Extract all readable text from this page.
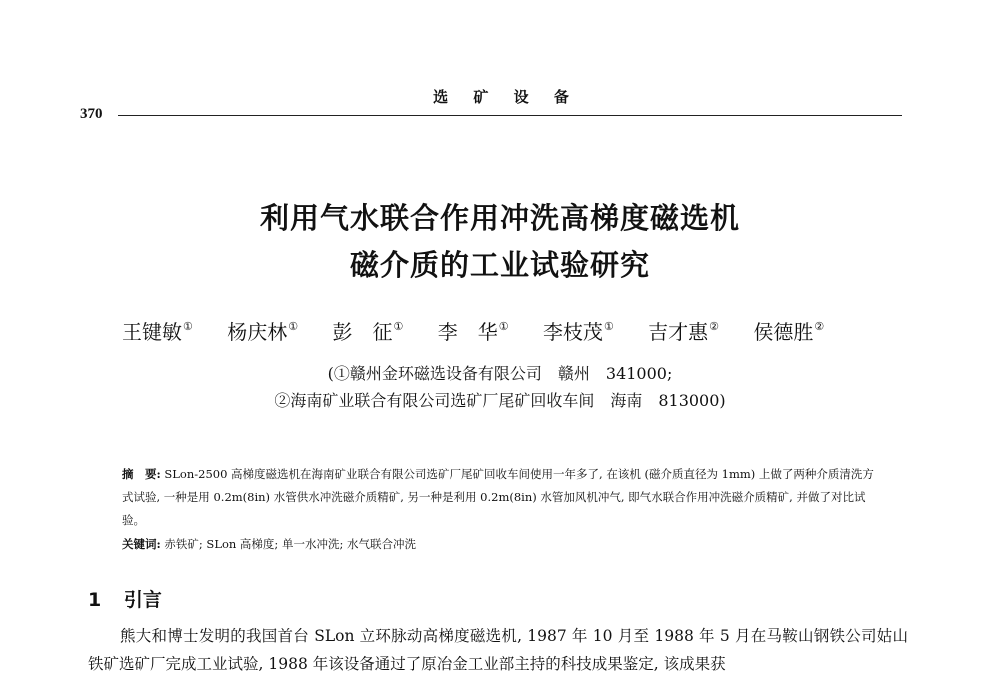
选 矿 设 备
370
利用气水联合作用冲洗高梯度磁选机
磁介质的工业试验研究
王键敏① 杨庆林① 彭　征① 李　华① 李枝茂① 吉才惠② 侯德胜②
(①赣州金环磁选设备有限公司　赣州　341000;
②海南矿业联合有限公司选矿厂尾矿回收车间　海南　813000)
摘　要: SLon-2500 高梯度磁选机在海南矿业联合有限公司选矿厂尾矿回收车间使用一年多了, 在该机 (磁介质直径为 1mm) 上做了两种介质清洗方式试验, 一种是用 0.2m(8in) 水管供水冲洗磁介质精矿, 另一种是利用 0.2m(8in) 水管加风机冲气, 即气水联合作用冲洗磁介质精矿, 并做了对比试验。
关键词: 赤铁矿; SLon 高梯度; 单一水冲洗; 水气联合冲洗
1 引言
熊大和博士发明的我国首台 SLon 立环脉动高梯度磁选机, 1987 年 10 月至 1988 年 5 月在马鞍山钢铁公司姑山铁矿选矿厂完成工业试验, 1988 年该设备通过了原冶金工业部主持的科技成果鉴定, 该成果获
